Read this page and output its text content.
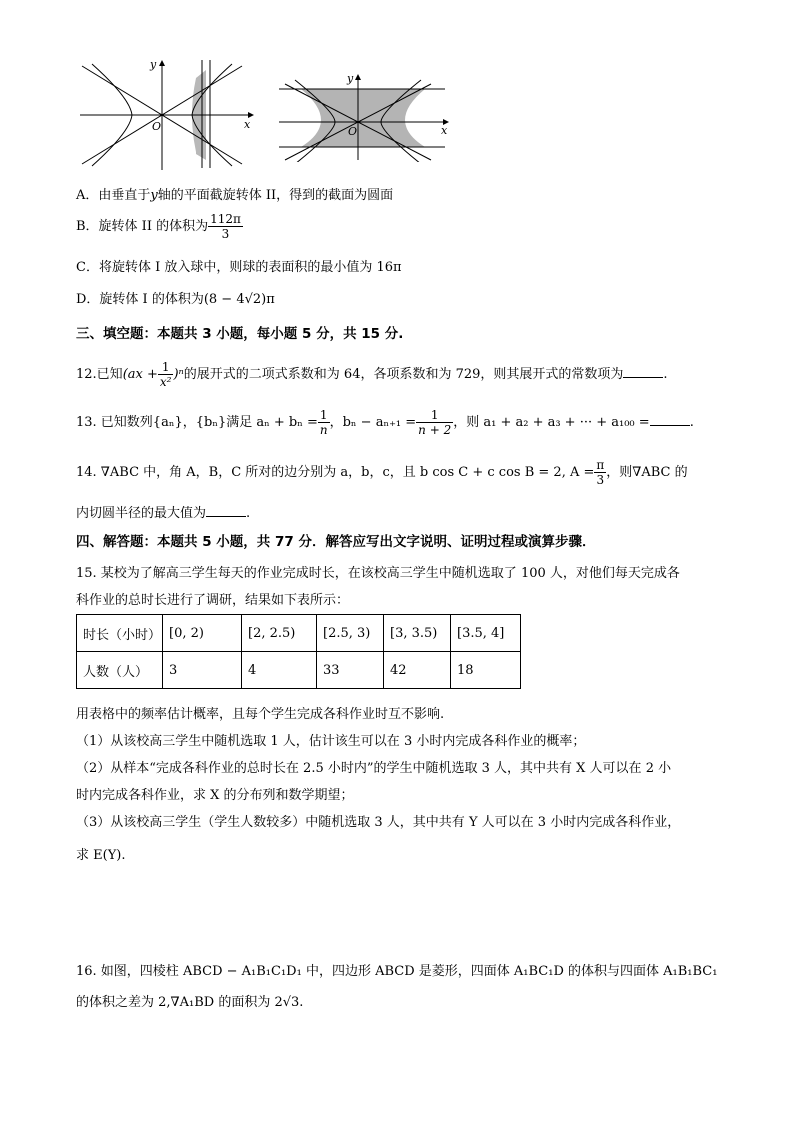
O	x
y
O	x
y
A．由垂直于y轴的平面截旋转体 II，得到的截面为圆面
B．旋转体 II 的体积为 $\frac{112\pi}{3}$
C．将旋转体 I 放入球中，则球的表面积的最小值为 16π
D．旋转体 I 的体积为(8 − 4√2)π
三、填空题：本题共 3 小题，每小题 5 分，共 15 分.
12.已知$(ax + \frac{1}{\text{x²}} )^n$的展开式的二项式系数和为 64，各项系数和为 729，则其展开式的常数项为	.
13. 已知数列{aₙ}，{bₙ}满足 $a_n + b_n = \frac{1}{n}$ ，$b_n - a_{n+1} = \frac{1}{n + 2}$ ，则 a₁ + a₂ + a₃ + ··· + a₁₀₀ =	.
14. ∇ABC 中，角 A，B，C 所对的边分别为 a，b，c，且 b cos C + c cos B = 2, $A = \frac{\pi}{3}$ ，则∇ABC 的
内切圆半径的最大值为	.
四、解答题：本题共 5 小题，共 77 分．解答应写出文字说明、证明过程或演算步骤．
15. 某校为了解高三学生每天的作业完成时长，在该校高三学生中随机选取了 100 人，对他们每天完成各
科作业的总时长进行了调研，结果如下表所示：
时长（小时）	[0, 2)	[2, 2.5)	[2.5, 3)	[3, 3.5)	[3.5, 4]
人数（人）	3	4	33	42	18
用表格中的频率估计概率，且每个学生完成各科作业时互不影响.
（1）从该校高三学生中随机选取 1 人，估计该生可以在 3 小时内完成各科作业的概率；
（2）从样本“完成各科作业的总时长在 2.5 小时内”的学生中随机选取 3 人，其中共有 X 人可以在 2 小
时内完成各科作业，求 X 的分布列和数学期望；
（3）从该校高三学生（学生人数较多）中随机选取 3 人，其中共有 Y 人可以在 3 小时内完成各科作业，
求 E(Y).
16. 如图，四棱柱 ABCD − A₁B₁C₁D₁ 中，四边形 ABCD 是菱形，四面体 A₁BC₁D 的体积与四面体 A₁B₁BC₁
的体积之差为 2,∇A₁BD 的面积为 2√3.
